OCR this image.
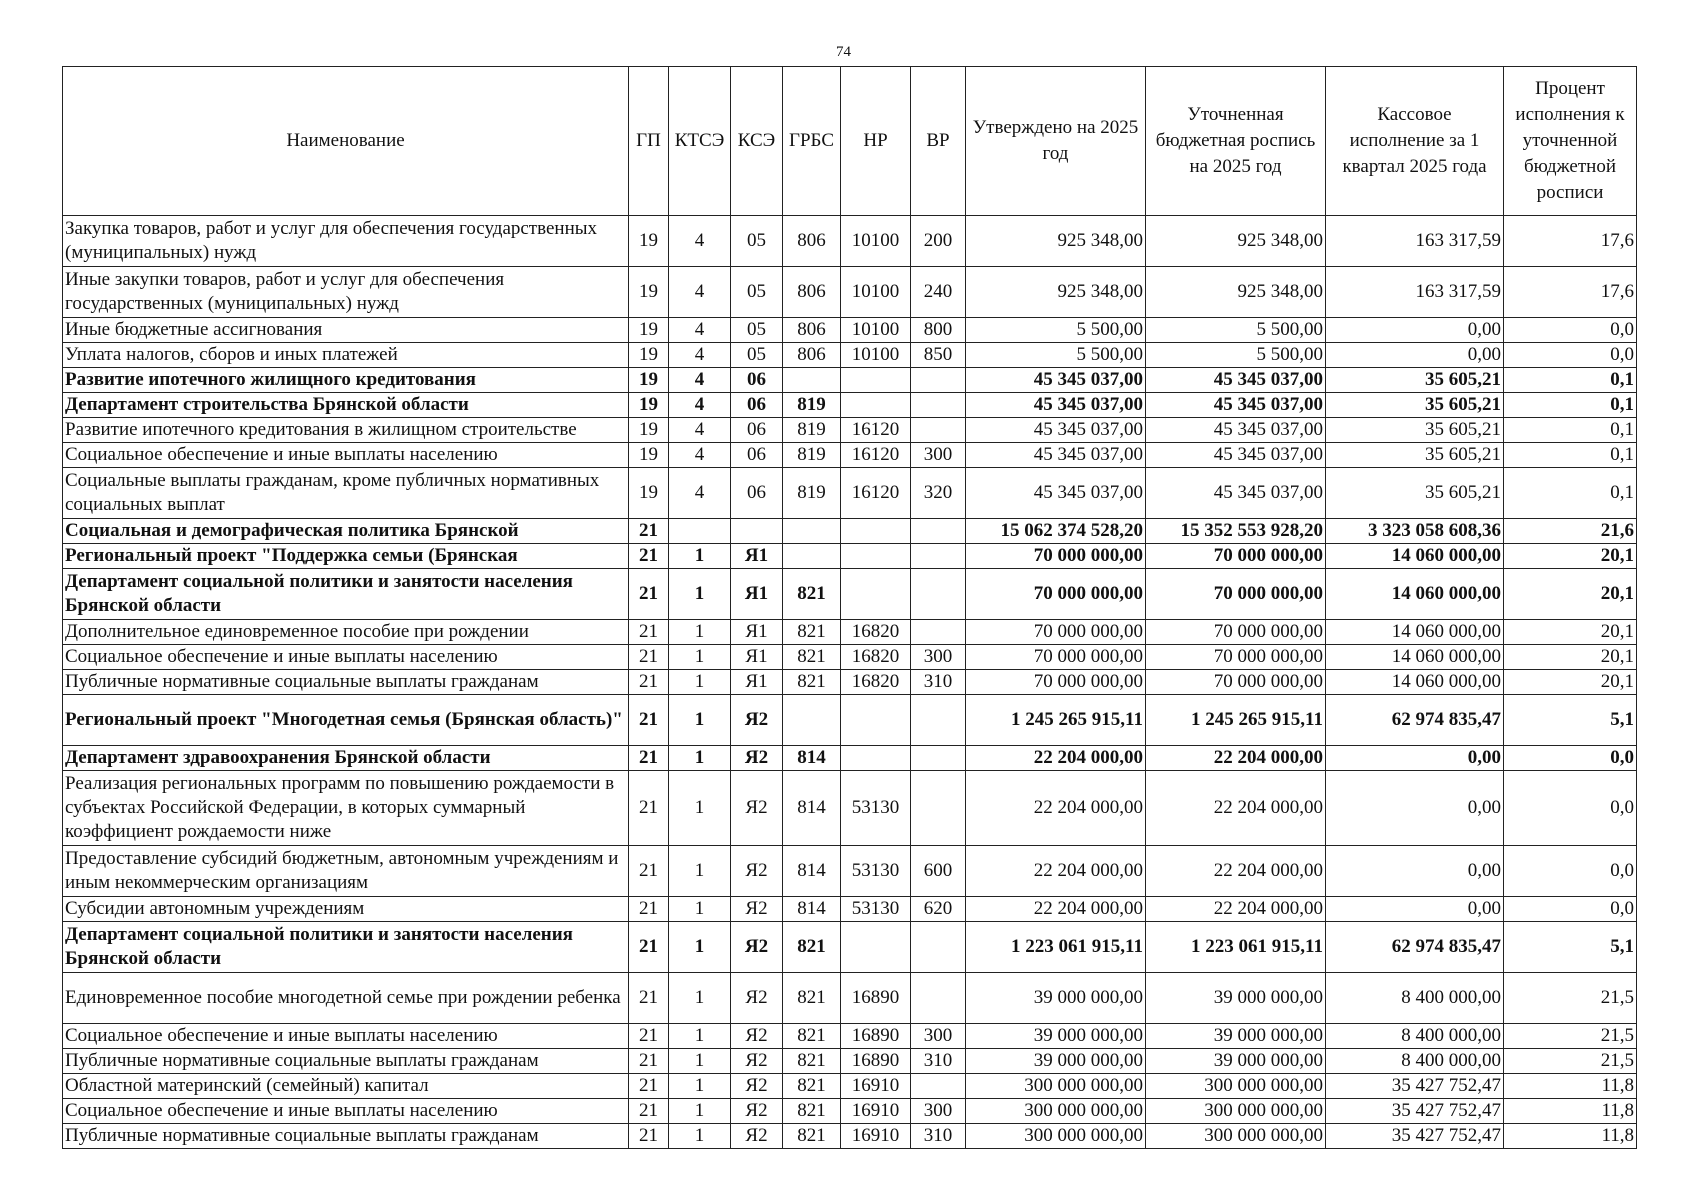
74
Наименование	ГП	КТСЭ	КСЭ	ГРБС	НР	ВР	Утверждено на 2025 год	Уточненная бюджетная роспись на 2025 год	Кассовое исполнение за 1 квартал 2025 года	Процент исполнения к уточненной бюджетной росписи
Закупка товаров, работ и услуг для обеспечения государственных (муниципальных) нужд	19	4	05	806	10100	200	925 348,00	925 348,00	163 317,59	17,6
Иные закупки товаров, работ и услуг для обеспечения государственных (муниципальных) нужд	19	4	05	806	10100	240	925 348,00	925 348,00	163 317,59	17,6
Иные бюджетные ассигнования	19	4	05	806	10100	800	5 500,00	5 500,00	0,00	0,0
Уплата налогов, сборов и иных платежей	19	4	05	806	10100	850	5 500,00	5 500,00	0,00	0,0
Развитие ипотечного жилищного кредитования	19	4	06				45 345 037,00	45 345 037,00	35 605,21	0,1
Департамент строительства Брянской области	19	4	06	819			45 345 037,00	45 345 037,00	35 605,21	0,1
Развитие ипотечного кредитования в жилищном строительстве	19	4	06	819	16120		45 345 037,00	45 345 037,00	35 605,21	0,1
Социальное обеспечение и иные выплаты населению	19	4	06	819	16120	300	45 345 037,00	45 345 037,00	35 605,21	0,1
Социальные выплаты гражданам, кроме публичных нормативных социальных выплат	19	4	06	819	16120	320	45 345 037,00	45 345 037,00	35 605,21	0,1
Социальная и демографическая политика Брянской	21						15 062 374 528,20	15 352 553 928,20	3 323 058 608,36	21,6
Региональный проект "Поддержка семьи (Брянская	21	1	Я1				70 000 000,00	70 000 000,00	14 060 000,00	20,1
Департамент социальной политики и занятости населения Брянской области	21	1	Я1	821			70 000 000,00	70 000 000,00	14 060 000,00	20,1
Дополнительное единовременное пособие при рождении	21	1	Я1	821	16820		70 000 000,00	70 000 000,00	14 060 000,00	20,1
Социальное обеспечение и иные выплаты населению	21	1	Я1	821	16820	300	70 000 000,00	70 000 000,00	14 060 000,00	20,1
Публичные нормативные социальные выплаты гражданам	21	1	Я1	821	16820	310	70 000 000,00	70 000 000,00	14 060 000,00	20,1
Региональный проект "Многодетная семья (Брянская область)"	21	1	Я2				1 245 265 915,11	1 245 265 915,11	62 974 835,47	5,1
Департамент здравоохранения Брянской области	21	1	Я2	814			22 204 000,00	22 204 000,00	0,00	0,0
Реализация региональных программ по повышению рождаемости в субъектах Российской Федерации, в которых суммарный коэффициент рождаемости ниже	21	1	Я2	814	53130		22 204 000,00	22 204 000,00	0,00	0,0
Предоставление субсидий бюджетным, автономным учреждениям и иным некоммерческим организациям	21	1	Я2	814	53130	600	22 204 000,00	22 204 000,00	0,00	0,0
Субсидии автономным учреждениям	21	1	Я2	814	53130	620	22 204 000,00	22 204 000,00	0,00	0,0
Департамент социальной политики и занятости населения Брянской области	21	1	Я2	821			1 223 061 915,11	1 223 061 915,11	62 974 835,47	5,1
Единовременное пособие многодетной семье при рождении ребенка	21	1	Я2	821	16890		39 000 000,00	39 000 000,00	8 400 000,00	21,5
Социальное обеспечение и иные выплаты населению	21	1	Я2	821	16890	300	39 000 000,00	39 000 000,00	8 400 000,00	21,5
Публичные нормативные социальные выплаты гражданам	21	1	Я2	821	16890	310	39 000 000,00	39 000 000,00	8 400 000,00	21,5
Областной материнский (семейный) капитал	21	1	Я2	821	16910		300 000 000,00	300 000 000,00	35 427 752,47	11,8
Социальное обеспечение и иные выплаты населению	21	1	Я2	821	16910	300	300 000 000,00	300 000 000,00	35 427 752,47	11,8
Публичные нормативные социальные выплаты гражданам	21	1	Я2	821	16910	310	300 000 000,00	300 000 000,00	35 427 752,47	11,8
